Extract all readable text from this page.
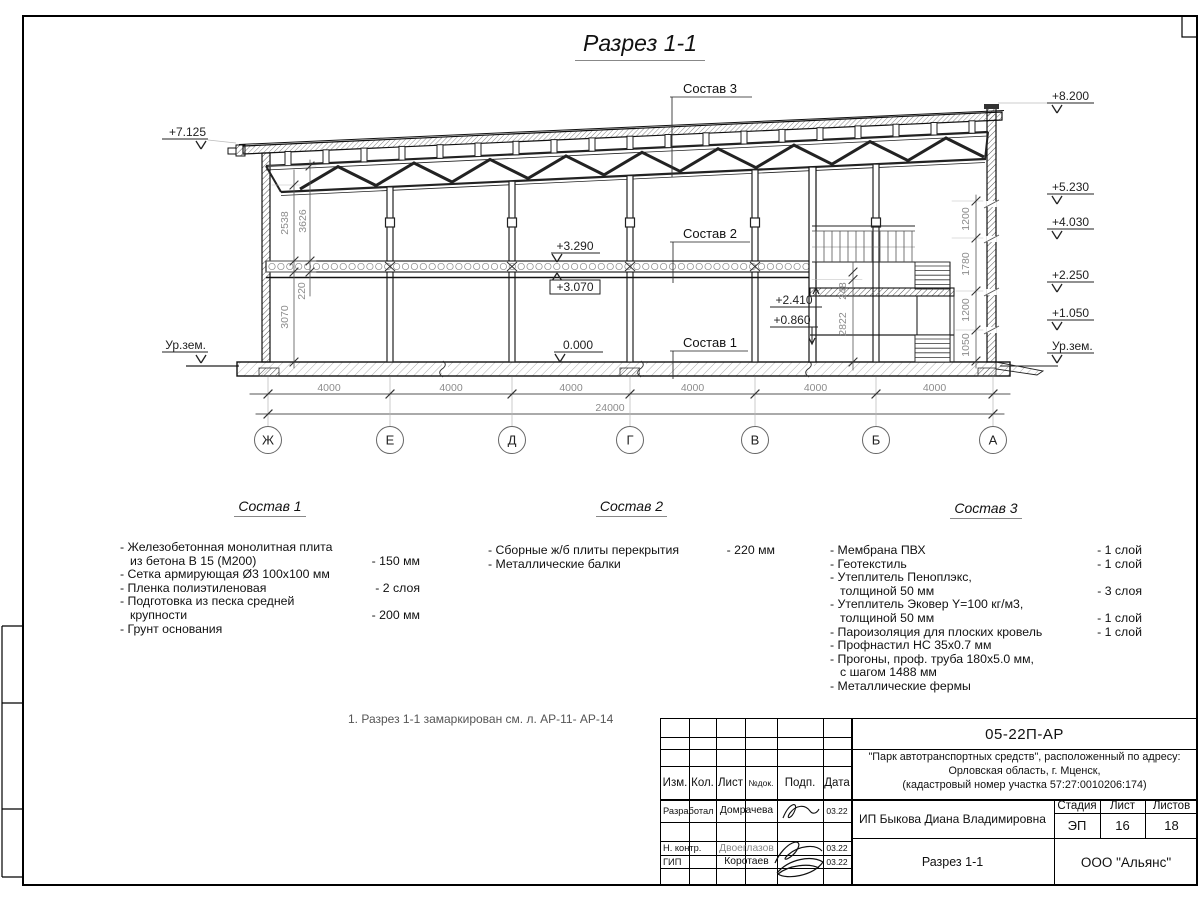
24000
Ж	Е	Д	Г	В	Б	А
4000	4000	4000	4000	4000	4000
2538 3626
220
3070
1200
1780
1200
1050
248
2822
+7.125
Ур.зем.
+8.200
+5.230
+4.030
+2.250
+1.050
Ур.зем.
+3.290
+3.070
0.000
+2.410
+0.860
Состав 3
Состав 2
Состав 1
Разрез 1-1
Состав 1
- Железобетонная монолитная плита
из бетона В 15 (М200)	- 150 мм
- Сетка армирующая Ø3 100х100 мм
- Пленка полиэтиленовая	- 2 слоя
- Подготовка из песка средней
крупности	- 200 мм
- Грунт основания
Состав 2
- Сборные ж/б плиты перекрытия	- 220 мм
- Металлические балки
Состав 3
- Мембрана ПВХ	- 1 слой
- Геотекстиль	- 1 слой
- Утеплитель Пеноплэкс,
толщиной 50 мм	- 3 слоя
- Утеплитель Эковер Y=100 кг/м3,
толщиной 50 мм	- 1 слой
- Пароизоляция для плоских кровель	- 1 слой
- Профнастил НС 35х0.7 мм
- Прогоны, проф. труба 180х5.0 мм,
с шагом 1488 мм
- Металлические фермы
1. Разрез 1-1 замаркирован см. л. АР-11- АР-14
Изм. Кол. Лист №док. Подп. Дата
Разработал Домрачева	03.22
Н. контр.	Двоеглазов	03.22
ГИП	Коротаев	03.22
05-22П-АР
"Парк автотранспортных средств", расположенный по адресу:
Орловская область, г. Мценск,
(кадастровый номер участка 57:27:0010206:174)
ИП Быкова Диана Владимировна
Разрез 1-1
Стадия	Лист	Листов
ЭП	16	18
ООО "Альянс"
